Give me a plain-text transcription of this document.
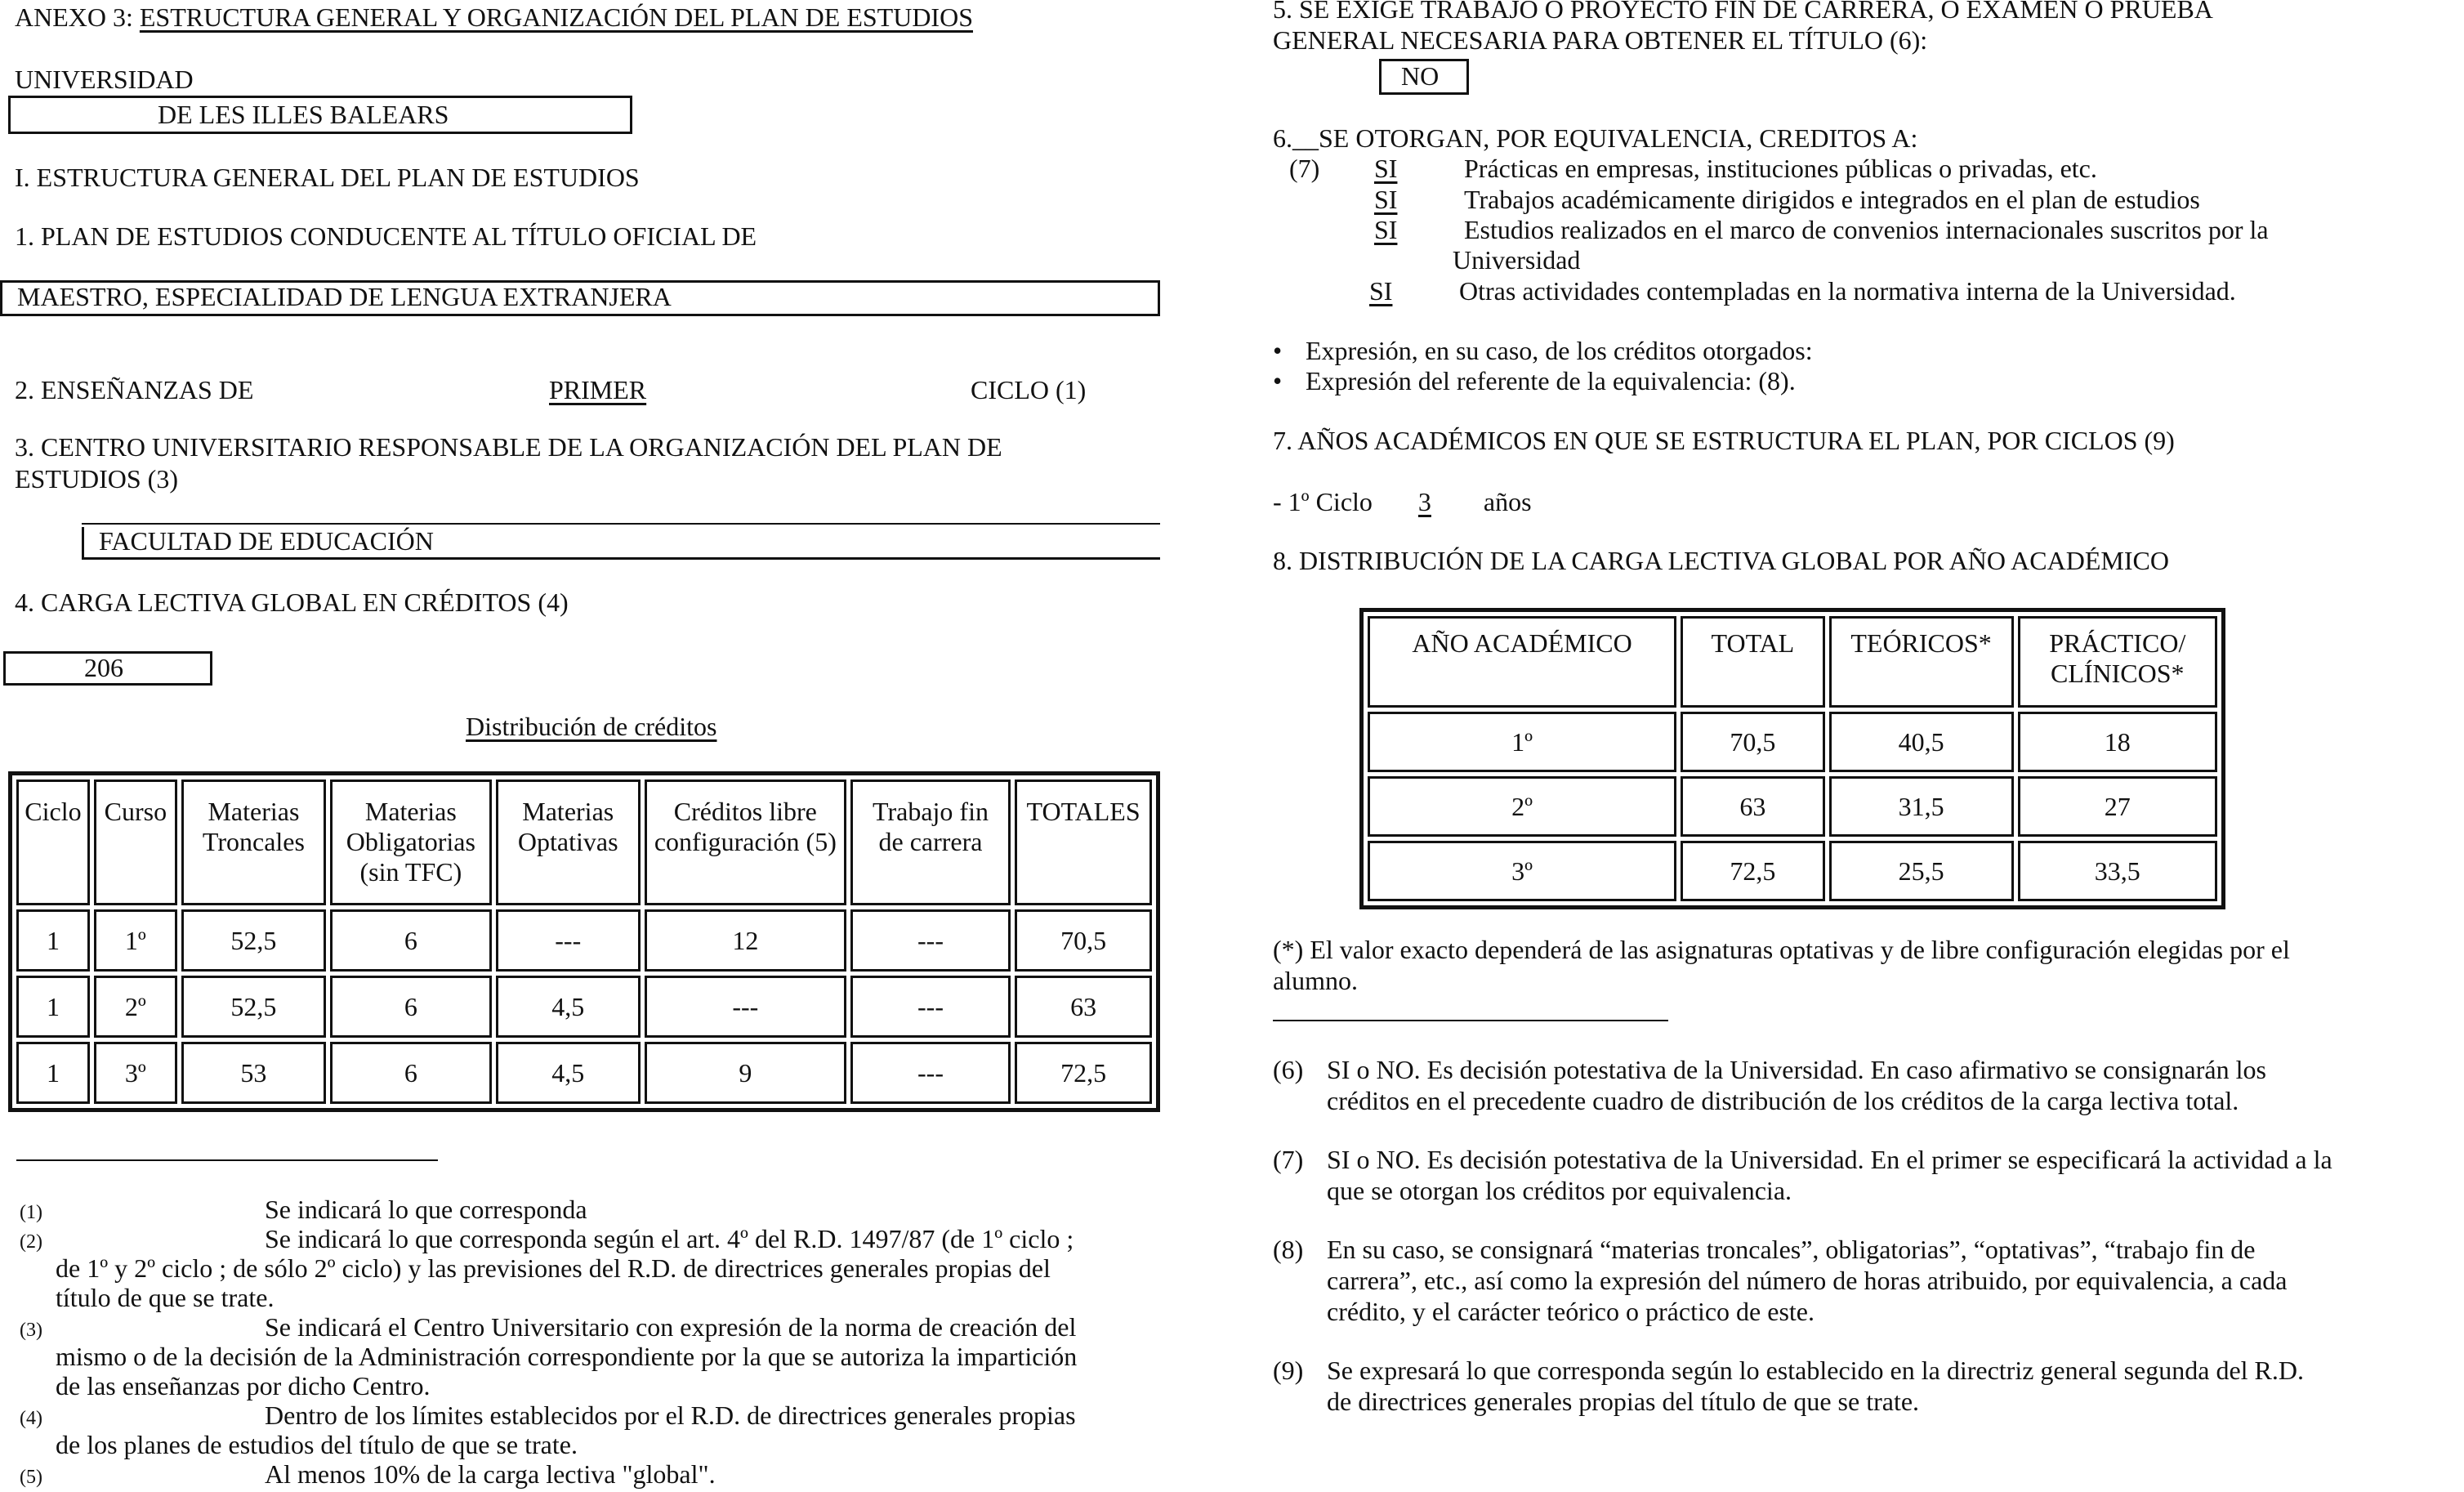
ANEXO 3: ESTRUCTURA GENERAL Y ORGANIZACIÓN DEL PLAN DE ESTUDIOS
UNIVERSIDAD
DE LES ILLES BALEARS
I. ESTRUCTURA GENERAL DEL PLAN DE ESTUDIOS
1. PLAN DE ESTUDIOS CONDUCENTE AL TÍTULO OFICIAL DE
MAESTRO, ESPECIALIDAD DE LENGUA EXTRANJERA
2. ENSEÑANZAS DE	PRIMER	CICLO (1)
3. CENTRO UNIVERSITARIO RESPONSABLE DE LA ORGANIZACIÓN DEL PLAN DE
ESTUDIOS (3)
FACULTAD DE EDUCACIÓN
4. CARGA LECTIVA GLOBAL EN CRÉDITOS (4)
206
Distribución de créditos
Ciclo	Curso	Materias Troncales	Materias Obligatorias (sin TFC)	Materias Optativas	Créditos libre configuración (5)	Trabajo fin de carrera	TOTALES
1	1º	52,5	6	---	12	---	70,5
1	2º	52,5	6	4,5	---	---	63
1	3º	53	6	4,5	9	---	72,5
(1)	Se indicará lo que corresponda
(2)	Se indicará lo que corresponda según el art. 4º del R.D. 1497/87 (de 1º ciclo ;
de 1º y 2º ciclo ; de sólo 2º ciclo) y las previsiones del R.D. de directrices generales propias del
título de que se trate.
(3)	Se indicará el Centro Universitario con expresión de la norma de creación del
mismo o de la decisión de la Administración correspondiente por la que se autoriza la impartición
de las enseñanzas por dicho Centro.
(4)	Dentro de los límites establecidos por el R.D. de directrices generales propias
de los planes de estudios del título de que se trate.
(5)	Al menos 10% de la carga lectiva "global".
5. SE EXIGE TRABAJO O PROYECTO FIN DE CARRERA, O EXAMEN O PRUEBA
GENERAL NECESARIA PARA OBTENER EL TÍTULO (6):
NO
6.__SE OTORGAN, POR EQUIVALENCIA, CREDITOS A:
(7)	SI	Prácticas en empresas, instituciones públicas o privadas, etc.
SI	Trabajos académicamente dirigidos e integrados en el plan de estudios
SI	Estudios realizados en el marco de convenios internacionales suscritos por la
Universidad
SI	Otras actividades contempladas en la normativa interna de la Universidad.
• Expresión, en su caso, de los créditos otorgados:
• Expresión del referente de la equivalencia: (8).
7. AÑOS ACADÉMICOS EN QUE SE ESTRUCTURA EL PLAN, POR CICLOS (9)
- 1º Ciclo 3 años
8. DISTRIBUCIÓN DE LA CARGA LECTIVA GLOBAL POR AÑO ACADÉMICO
AÑO ACADÉMICO	TOTAL	TEÓRICOS*	PRÁCTICO/ CLÍNICOS*
1º	70,5	40,5	18
2º	63	31,5	27
3º	72,5	25,5	33,5
(*) El valor exacto dependerá de las asignaturas optativas y de libre configuración elegidas por el
alumno.
(6) SI o NO. Es decisión potestativa de la Universidad. En caso afirmativo se consignarán los
créditos en el precedente cuadro de distribución de los créditos de la carga lectiva total.
(7) SI o NO. Es decisión potestativa de la Universidad. En el primer se especificará la actividad a la
que se otorgan los créditos por equivalencia.
(8) En su caso, se consignará “materias troncales”, obligatorias”, “optativas”, “trabajo fin de
carrera”, etc., así como la expresión del número de horas atribuido, por equivalencia, a cada
crédito, y el carácter teórico o práctico de este.
(9) Se expresará lo que corresponda según lo establecido en la directriz general segunda del R.D.
de directrices generales propias del título de que se trate.
